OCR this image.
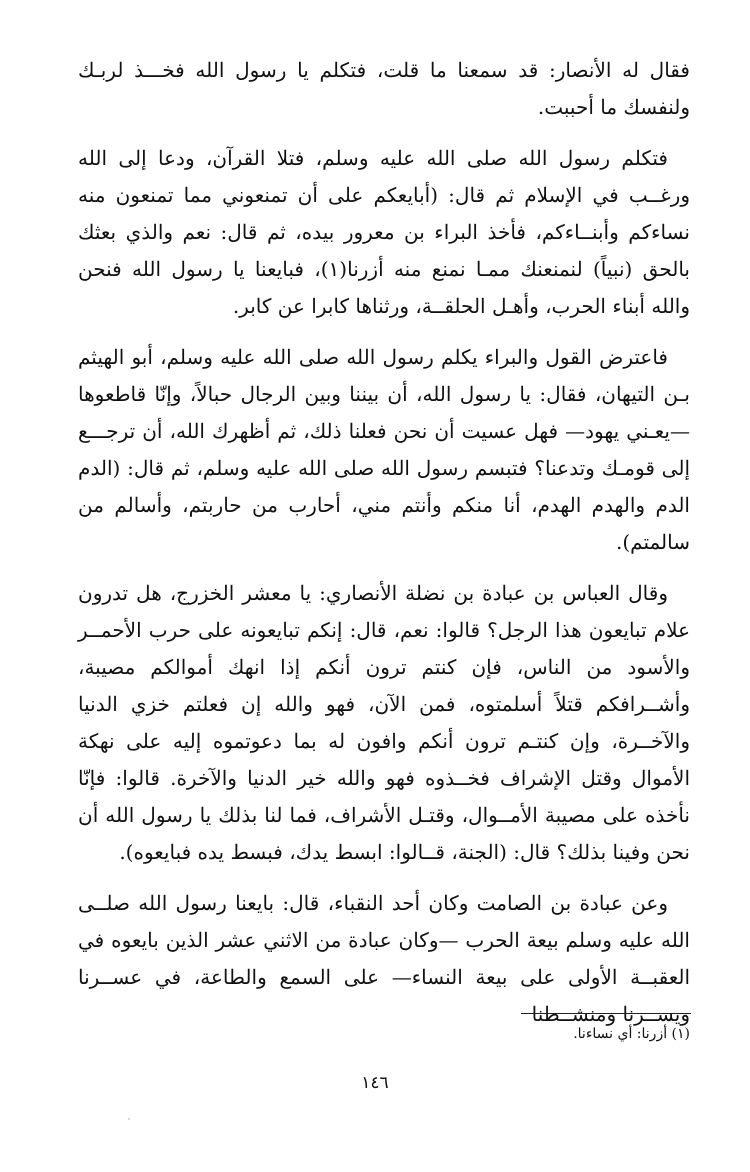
فقال له الأنصار: قد سمعنا ما قلت، فتكلم يا رسول الله فخـــذ لربـك ولنفسك ما أحببت.

فتكلم رسول الله صلى الله عليه وسلم، فتلا القرآن، ودعا إلى الله ورغــب في الإسلام ثم قال: (أبايعكم على أن تمنعوني مما تمنعون منه نساءكم وأبنــاءكم، فأخذ البراء بن معرور بيده، ثم قال: نعم والذي بعثك بالحق (نبياً) لنمنعنك ممـا نمنع منه أزرنا(١)، فبايعنا يا رسول الله فنحن والله أبناء الحرب، وأهـل الحلقــة، ورثناها كابرا عن كابر.

فاعترض القول والبراء يكلم رسول الله صلى الله عليه وسلم، أبو الهيثم بـن التيهان، فقال: يا رسول الله، أن بيننا وبين الرجال حبالاً، وإنّا قاطعوها —يعـني يهود— فهل عسيت أن نحن فعلنا ذلك، ثم أظهرك الله، أن ترجـــع إلى قومـك وتدعنا؟ فتبسم رسول الله صلى الله عليه وسلم، ثم قال: (الدم الدم والهدم الهدم، أنا منكم وأنتم مني، أحارب من حاربتم، وأسالم من سالمتم).

وقال العباس بن عبادة بن نضلة الأنصاري: يا معشر الخزرج، هل تدرون علام تبايعون هذا الرجل؟ قالوا: نعم، قال: إنكم تبايعونه على حرب الأحمــر والأسود من الناس، فإن كنتم ترون أنكم إذا انهك أموالكم مصيبة، وأشــرافكم قتلاً أسلمتوه، فمن الآن، فهو والله إن فعلتم خزي الدنيا والآخــرة، وإن كنتـم ترون أنكم وافون له بما دعوتموه إليه على نهكة الأموال وقتل الإشراف فخــذوه فهو والله خير الدنيا والآخرة. قالوا: فإنّا نأخذه على مصيبة الأمــوال، وقتـل الأشراف، فما لنا بذلك يا رسول الله أن نحن وفينا بذلك؟ قال: (الجنة، قــالوا: ابسط يدك، فبسط يده فبايعوه).

وعن عبادة بن الصامت وكان أحد النقباء، قال: بايعنا رسول الله صلــى الله عليه وسلم بيعة الحرب —وكان عبادة من الاثني عشر الذين بايعوه في العقبــة الأولى على بيعة النساء— على السمع والطاعة، في عســرنا ويســرنا ومنشــطنا

(١) أزرنا: أي نساءنا.
١٤٦
